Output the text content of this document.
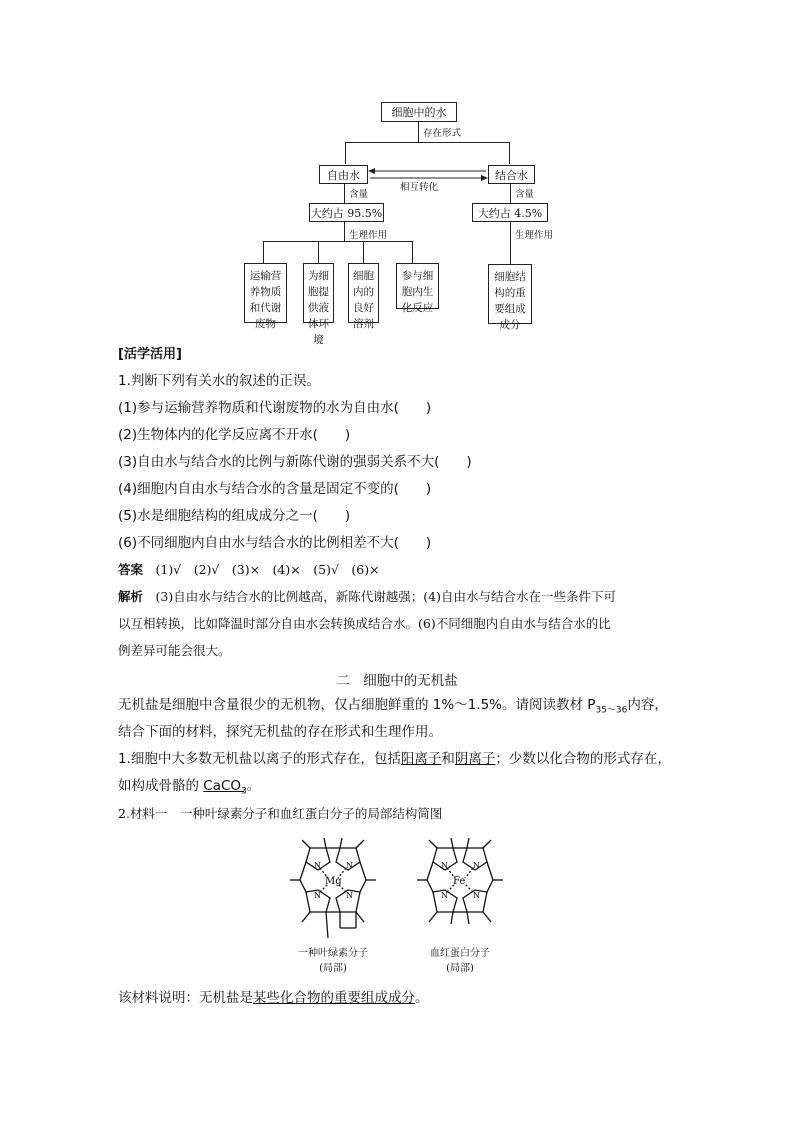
细胞中的水
存在形式
自由水	结合水
相互转化
含量	含量
大约占 95.5%	大约占 4.5%
生理作用	生理作用
运输营
养物质
和代谢
废物
为细
胞提
供液
体环
境
细胞
内的
良好
溶剂
参与细
胞内生
化反应
细胞结
构的重
要组成
成分
[活学活用]
1.判断下列有关水的叙述的正误。
(1)参与运输营养物质和代谢废物的水为自由水(　　)
(2)生物体内的化学反应离不开水(　　)
(3)自由水与结合水的比例与新陈代谢的强弱关系不大(　　)
(4)细胞内自由水与结合水的含量是固定不变的(　　)
(5)水是细胞结构的组成成分之一(　　)
(6)不同细胞内自由水与结合水的比例相差不大(　　)
答案　 (1)√　(2)√　(3)×　(4)×　(5)√　(6)×
解析　 (3)自由水与结合水的比例越高，新陈代谢越强；(4)自由水与结合水在一些条件下可
以互相转换，比如降温时部分自由水会转换成结合水。(6)不同细胞内自由水与结合水的比
例差异可能会很大。
二　细胞中的无机盐
无机盐是细胞中含量很少的无机物，仅占细胞鲜重的 1%～1.5%。请阅读教材 $P_{35\sim 36}$内容，
结合下面的材料，探究无机盐的存在形式和生理作用。
1.细胞中大多数无机盐以离子的形式存在，包括阳离子和阴离子；少数以化合物的形式存在，
如构成骨骼的 CaCO$_3$。
2.材料一　一种叶绿素分子和血红蛋白分子的局部结构简图
N	N
N	N
Mg
N	N
N	N
Fe
一种叶绿素分子
(局部)
血红蛋白分子
(局部)
该材料说明：无机盐是某些化合物的重要组成成分。
